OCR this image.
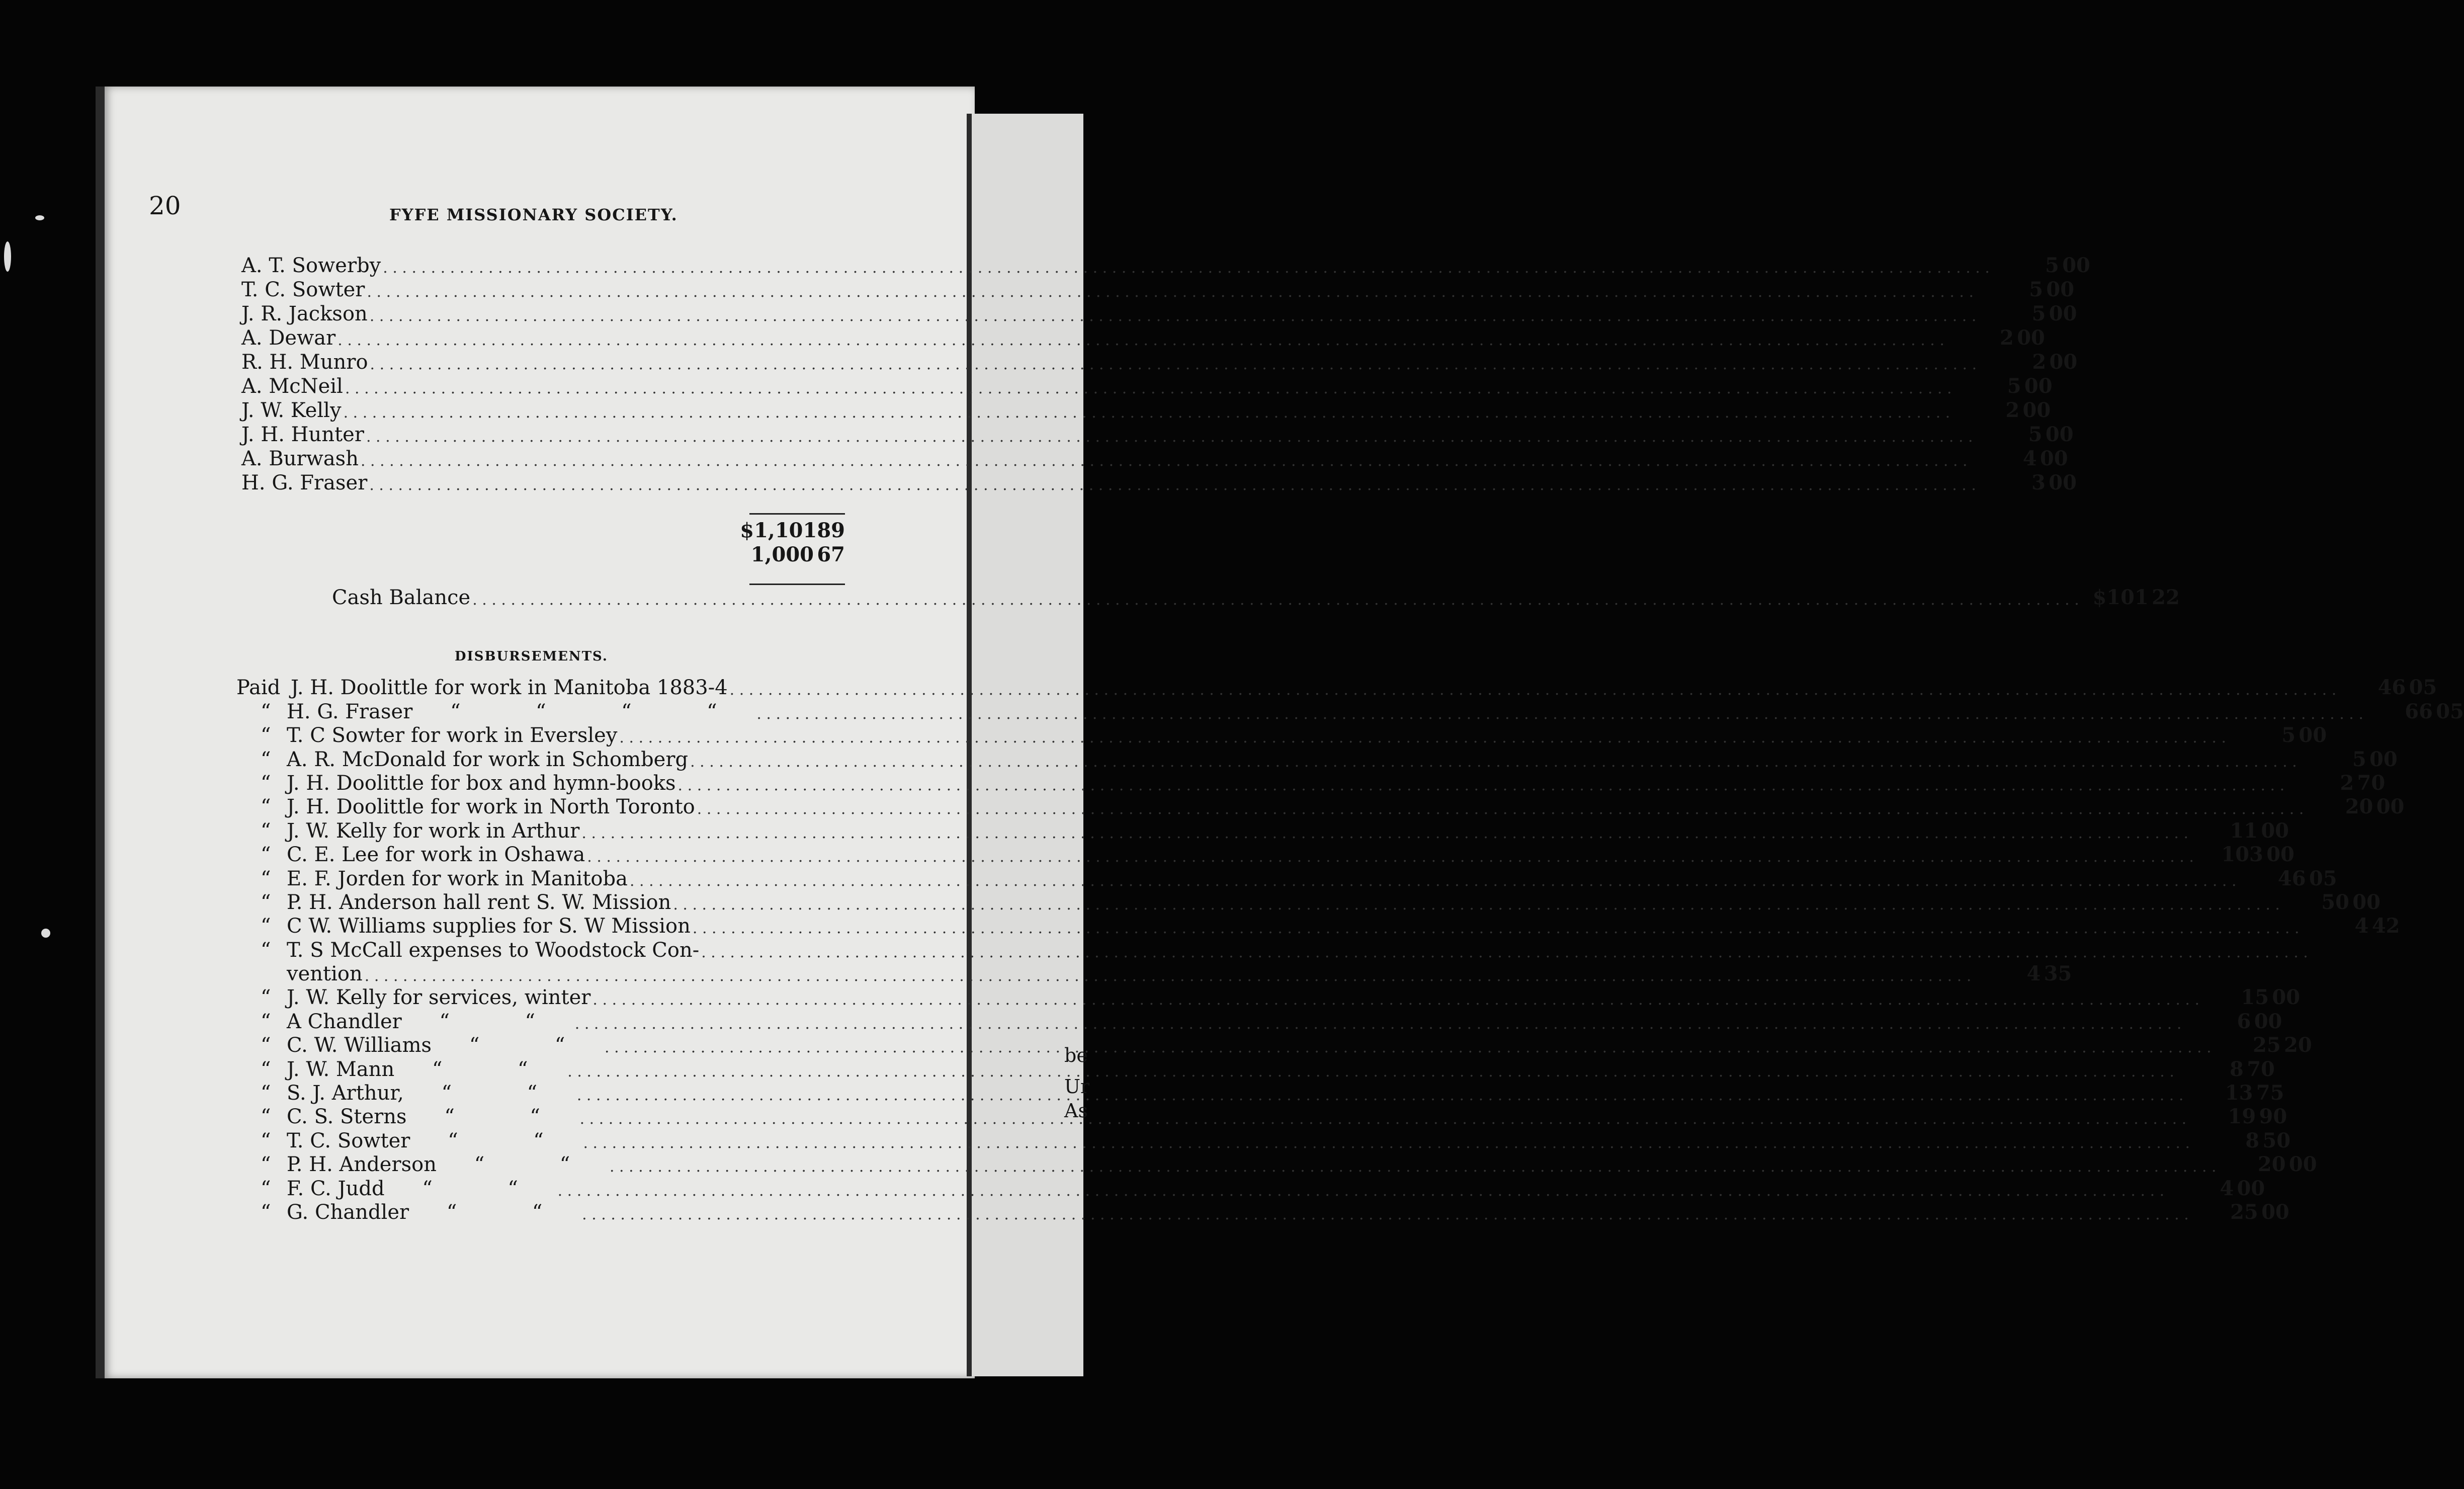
be
Ur
As
20	FYFE MISSIONARY SOCIETY.
A. T. Sowerby . . .	5 00
T. C. Sowter . . .	5 00
J. R. Jackson . . .	5 00
A. Dewar . . .	2 00
R. H. Munro . . .	2 00
A. McNeil . . .	5 00
J. W. Kelly . . .	2 00
J. H. Hunter . . .	5 00
A. Burwash . . .	4 00
H. G. Fraser . . .	3 00
$1,101 89
1,000 67
Cash Balance . . .	$101 22
DISBURSEMENTS.
Paid J. H. Doolittle for work in Manitoba 1883-4 . . .	46 05
“ H. G. Fraser	“	“	“	“ . . .	66 05
“ T. C Sowter for work in Eversley . . .	5 00
“ A. R. McDonald for work in Schomberg . . .	5 00
“ J. H. Doolittle for box and hymn-books . . .	2 70
“ J. H. Doolittle for work in North Toronto . . .	20 00
“ J. W. Kelly for work in Arthur . . .	11 00
“ C. E. Lee for work in Oshawa . . .	103 00
“ E. F. Jorden for work in Manitoba . . .	46 05
“ P. H. Anderson hall rent S. W. Mission . . .	50 00
“ C W. Williams supplies for S. W Mission . . .	4 42
“ T. S McCall expenses to Woodstock Con-
. . .
vention . . .	4 35
“ J. W. Kelly for services, winter . . .	15 00
“ A Chandler	“	“ . . .	6 00
“ C. W. Williams	“	“ . . .	25 20
“ J. W. Mann	“	“ . . .	8 70
“ S. J. Arthur,	“	“ . . .	13 75
“ C. S. Sterns	“	“ . . .	19 90
“ T. C. Sowter	“	“ . . .	8 50
“ P. H. Anderson	“	“ . . .	20 00
“ F. C. Judd	“	“ . . .	4 00
“ G. Chandler	“	“ . . .	25 00
